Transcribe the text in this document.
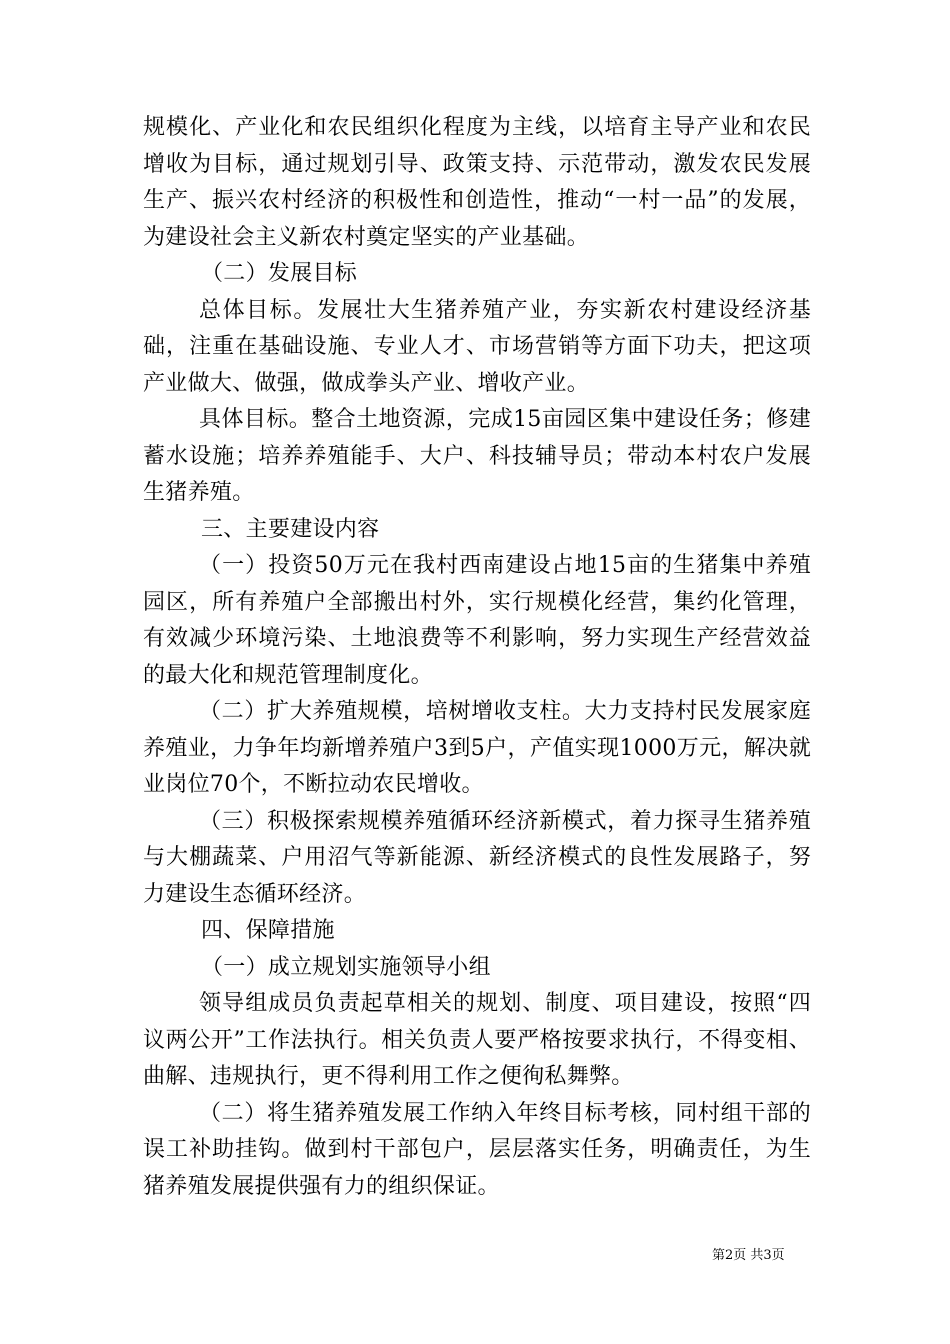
规模化、产业化和农民组织化程度为主线，以培育主导产业和农民增收为目标，通过规划引导、政策支持、示范带动，激发农民发展生产、振兴农村经济的积极性和创造性，推动“一村一品”的发展，为建设社会主义新农村奠定坚实的产业基础。

（二）发展目标

总体目标。发展壮大生猪养殖产业，夯实新农村建设经济基础，注重在基础设施、专业人才、市场营销等方面下功夫，把这项产业做大、做强，做成拳头产业、增收产业。

具体目标。整合土地资源，完成15亩园区集中建设任务；修建蓄水设施；培养养殖能手、大户、科技辅导员；带动本村农户发展生猪养殖。

三、主要建设内容

（一）投资50万元在我村西南建设占地15亩的生猪集中养殖园区，所有养殖户全部搬出村外，实行规模化经营，集约化管理，有效减少环境污染、土地浪费等不利影响，努力实现生产经营效益的最大化和规范管理制度化。

（二）扩大养殖规模，培树增收支柱。大力支持村民发展家庭养殖业，力争年均新增养殖户3到5户，产值实现1000万元，解决就业岗位70个，不断拉动农民增收。

（三）积极探索规模养殖循环经济新模式，着力探寻生猪养殖与大棚蔬菜、户用沼气等新能源、新经济模式的良性发展路子，努力建设生态循环经济。

四、保障措施

（一）成立规划实施领导小组

领导组成员负责起草相关的规划、制度、项目建设，按照“四议两公开”工作法执行。相关负责人要严格按要求执行，不得变相、曲解、违规执行，更不得利用工作之便徇私舞弊。

（二）将生猪养殖发展工作纳入年终目标考核，同村组干部的误工补助挂钩。做到村干部包户，层层落实任务，明确责任，为生猪养殖发展提供强有力的组织保证。

第2页 共3页
